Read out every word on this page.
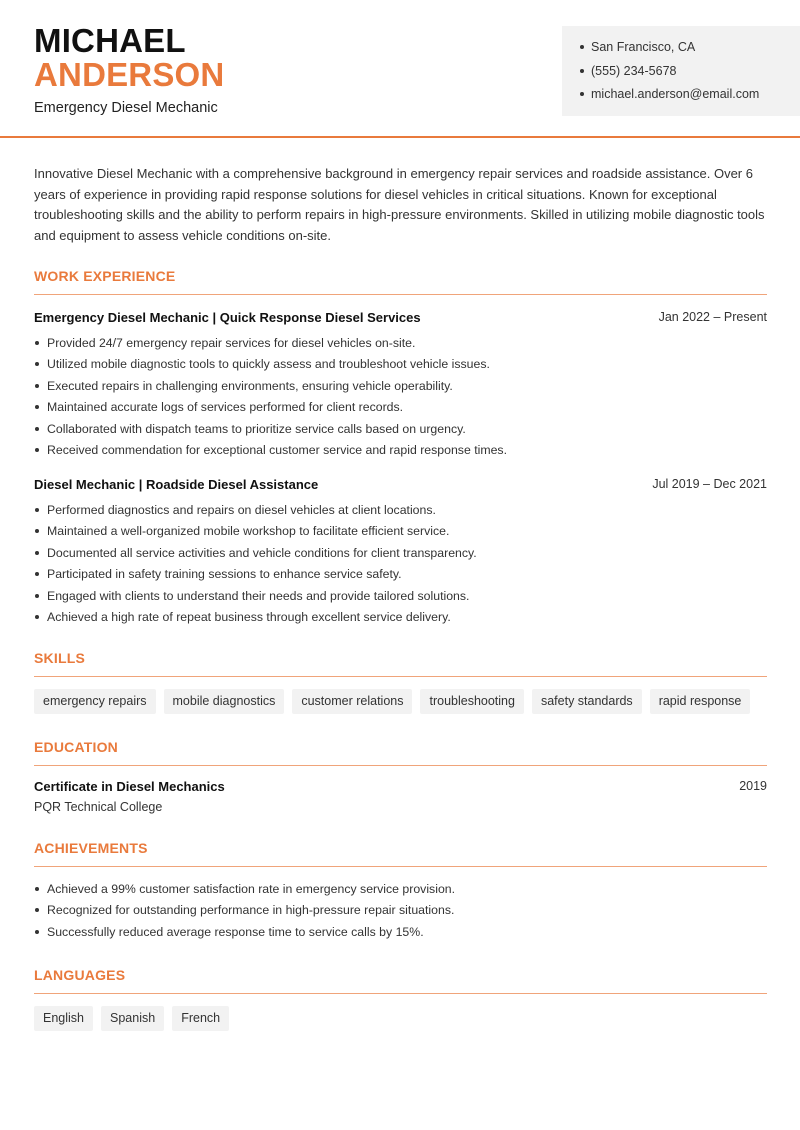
MICHAEL
ANDERSON
Emergency Diesel Mechanic
San Francisco, CA
(555) 234-5678
michael.anderson@email.com

Innovative Diesel Mechanic with a comprehensive background in emergency repair services and roadside assistance. Over 6 years of experience in providing rapid response solutions for diesel vehicles in critical situations. Known for exceptional troubleshooting skills and the ability to perform repairs in high-pressure environments. Skilled in utilizing mobile diagnostic tools and equipment to assess vehicle conditions on-site.

WORK EXPERIENCE
Emergency Diesel Mechanic | Quick Response Diesel Services	Jan 2022 – Present
Provided 24/7 emergency repair services for diesel vehicles on-site.
Utilized mobile diagnostic tools to quickly assess and troubleshoot vehicle issues.
Executed repairs in challenging environments, ensuring vehicle operability.
Maintained accurate logs of services performed for client records.
Collaborated with dispatch teams to prioritize service calls based on urgency.
Received commendation for exceptional customer service and rapid response times.
Diesel Mechanic | Roadside Diesel Assistance	Jul 2019 – Dec 2021
Performed diagnostics and repairs on diesel vehicles at client locations.
Maintained a well-organized mobile workshop to facilitate efficient service.
Documented all service activities and vehicle conditions for client transparency.
Participated in safety training sessions to enhance service safety.
Engaged with clients to understand their needs and provide tailored solutions.
Achieved a high rate of repeat business through excellent service delivery.
SKILLS
emergency repairs	mobile diagnostics	customer relations	troubleshooting	safety standards	rapid response
EDUCATION
Certificate in Diesel Mechanics	2019
PQR Technical College
ACHIEVEMENTS
Achieved a 99% customer satisfaction rate in emergency service provision.
Recognized for outstanding performance in high-pressure repair situations.
Successfully reduced average response time to service calls by 15%.
LANGUAGES
English	Spanish	French
